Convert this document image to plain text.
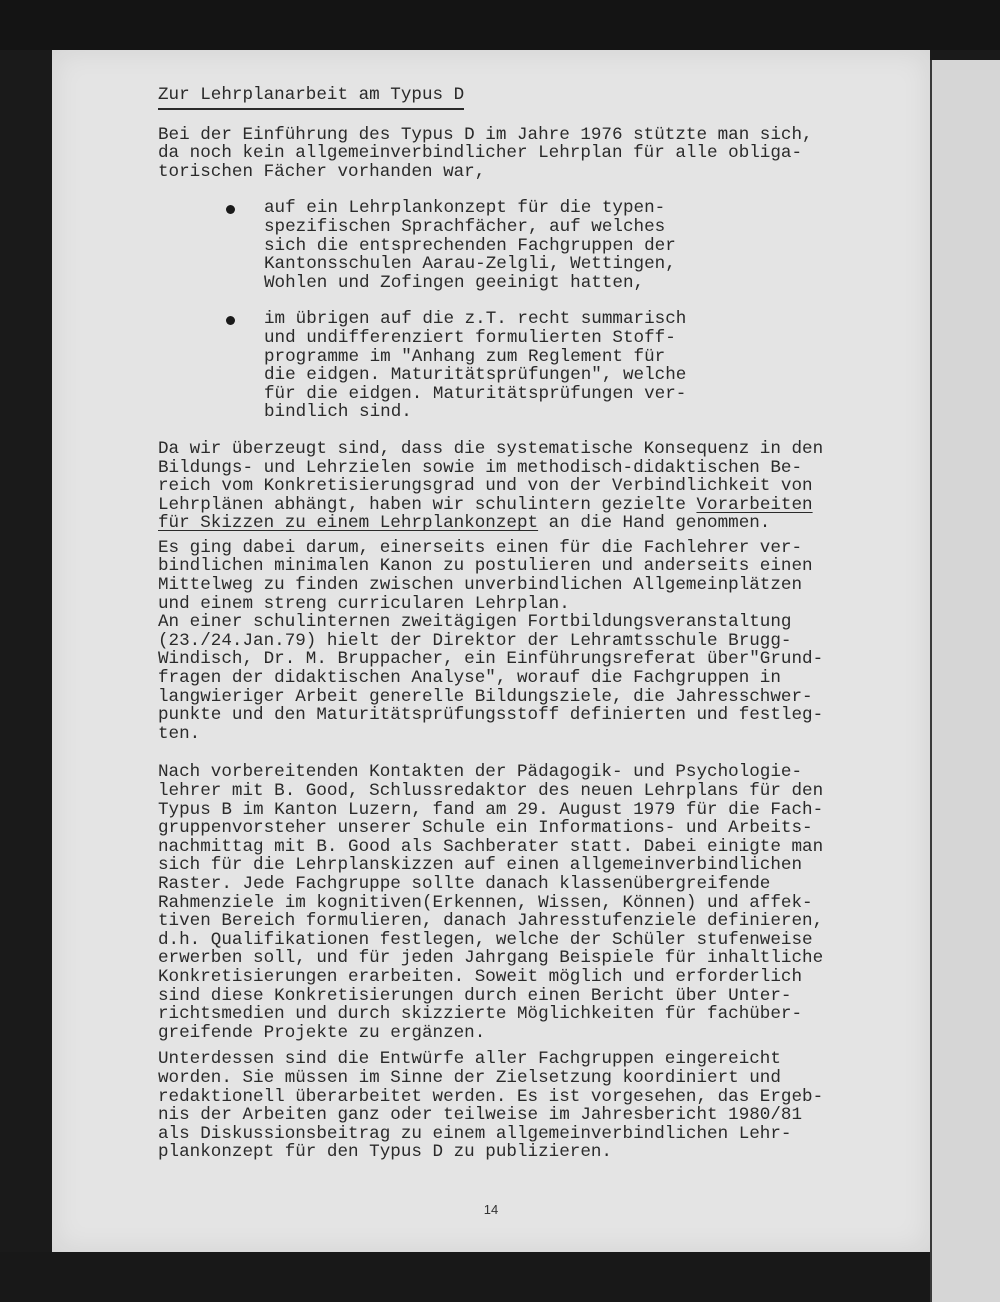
Zur Lehrplanarbeit am Typus D
Bei der Einführung des Typus D im Jahre 1976 stützte man sich,
da noch kein allgemeinverbindlicher Lehrplan für alle obliga-
torischen Fächer vorhanden war,
auf ein Lehrplankonzept für die typen-
spezifischen Sprachfächer, auf welches
sich die entsprechenden Fachgruppen der
Kantonsschulen Aarau-Zelgli, Wettingen,
Wohlen und Zofingen geeinigt hatten,
im übrigen auf die z.T. recht summarisch
und undifferenziert formulierten Stoff-
programme im "Anhang zum Reglement für
die eidgen. Maturitätsprüfungen", welche
für die eidgen. Maturitätsprüfungen ver-
bindlich sind.
Da wir überzeugt sind, dass die systematische Konsequenz in den
Bildungs- und Lehrzielen sowie im methodisch-didaktischen Be-
reich vom Konkretisierungsgrad und von der Verbindlichkeit von
Lehrplänen abhängt, haben wir schulintern gezielte Vorarbeiten
für Skizzen zu einem Lehrplankonzept an die Hand genommen.
Es ging dabei darum, einerseits einen für die Fachlehrer ver-
bindlichen minimalen Kanon zu postulieren und anderseits einen
Mittelweg zu finden zwischen unverbindlichen Allgemeinplätzen
und einem streng curricularen Lehrplan.
An einer schulinternen zweitägigen Fortbildungsveranstaltung
(23./24.Jan.79) hielt der Direktor der Lehramtsschule Brugg-
Windisch, Dr. M. Bruppacher, ein Einführungsreferat über"Grund-
fragen der didaktischen Analyse", worauf die Fachgruppen in
langwieriger Arbeit generelle Bildungsziele, die Jahresschwer-
punkte und den Maturitätsprüfungsstoff definierten und festleg-
ten.
Nach vorbereitenden Kontakten der Pädagogik- und Psychologie-
lehrer mit B. Good, Schlussredaktor des neuen Lehrplans für den
Typus B im Kanton Luzern, fand am 29. August 1979 für die Fach-
gruppenvorsteher unserer Schule ein Informations- und Arbeits-
nachmittag mit B. Good als Sachberater statt. Dabei einigte man
sich für die Lehrplanskizzen auf einen allgemeinverbindlichen
Raster. Jede Fachgruppe sollte danach klassenübergreifende
Rahmenziele im kognitiven(Erkennen, Wissen, Können) und affek-
tiven Bereich formulieren, danach Jahresstufenziele definieren,
d.h. Qualifikationen festlegen, welche der Schüler stufenweise
erwerben soll, und für jeden Jahrgang Beispiele für inhaltliche
Konkretisierungen erarbeiten. Soweit möglich und erforderlich
sind diese Konkretisierungen durch einen Bericht über Unter-
richtsmedien und durch skizzierte Möglichkeiten für fachüber-
greifende Projekte zu ergänzen.
Unterdessen sind die Entwürfe aller Fachgruppen eingereicht
worden. Sie müssen im Sinne der Zielsetzung koordiniert und
redaktionell überarbeitet werden. Es ist vorgesehen, das Ergeb-
nis der Arbeiten ganz oder teilweise im Jahresbericht 1980/81
als Diskussionsbeitrag zu einem allgemeinverbindlichen Lehr-
plankonzept für den Typus D zu publizieren.
14
